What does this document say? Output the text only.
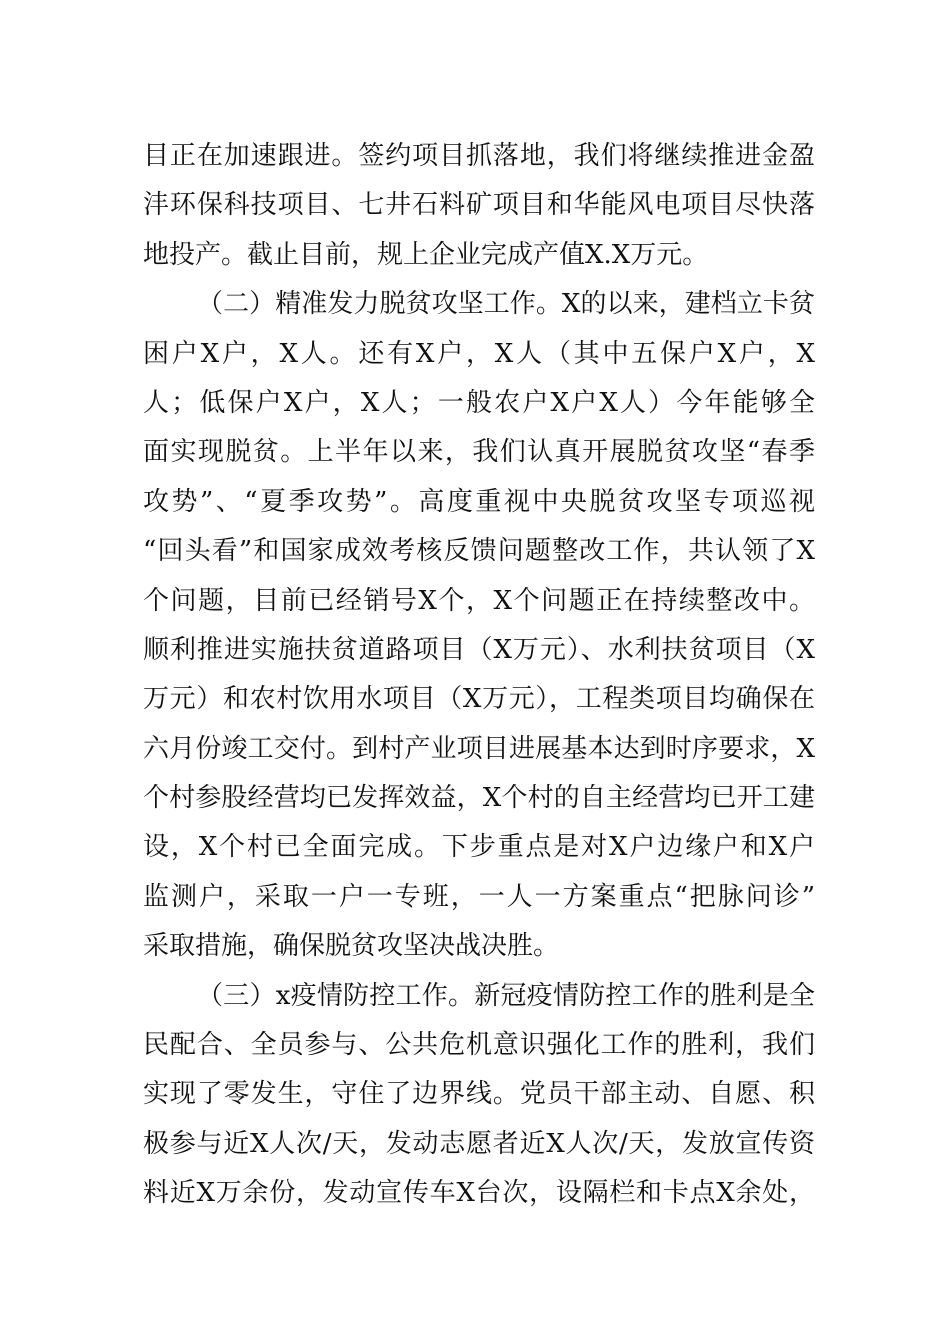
目正在加速跟进。签约项目抓落地，我们将继续推进金盈
沣环保科技项目、七井石料矿项目和华能风电项目尽快落
地投产。截止目前，规上企业完成产值X.X万元。
（二）精准发力脱贫攻坚工作。X的以来，建档立卡贫
困户X户，X人。还有X户，X人（其中五保户X户，X
人；低保户X户，X人；一般农户X户X人）今年能够全
面实现脱贫。上半年以来，我们认真开展脱贫攻坚“春季
攻势”、“夏季攻势”。高度重视中央脱贫攻坚专项巡视
“回头看”和国家成效考核反馈问题整改工作，共认领了X
个问题，目前已经销号X个，X个问题正在持续整改中。
顺利推进实施扶贫道路项目（X万元）、水利扶贫项目（X
万元）和农村饮用水项目（X万元），工程类项目均确保在
六月份竣工交付。到村产业项目进展基本达到时序要求，X
个村参股经营均已发挥效益，X个村的自主经营均已开工建
设，X个村已全面完成。下步重点是对X户边缘户和X户
监测户，采取一户一专班，一人一方案重点“把脉问诊”
采取措施，确保脱贫攻坚决战决胜。
（三）x疫情防控工作。新冠疫情防控工作的胜利是全
民配合、全员参与、公共危机意识强化工作的胜利，我们
实现了零发生，守住了边界线。党员干部主动、自愿、积
极参与近X人次/天，发动志愿者近X人次/天，发放宣传资
料近X万余份，发动宣传车X台次，设隔栏和卡点X余处，
